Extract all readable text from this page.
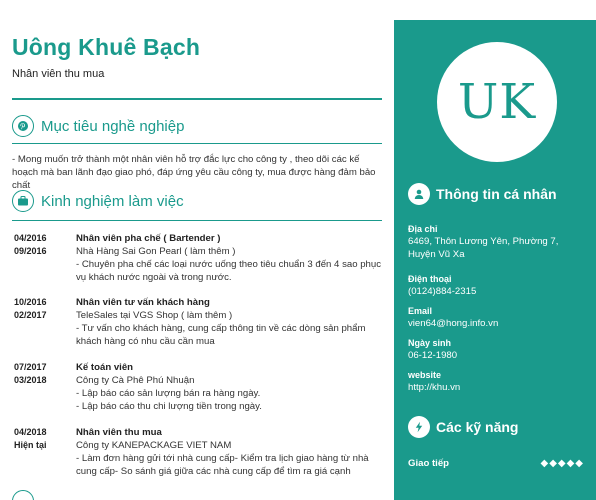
Uông Khuê Bạch
Nhân viên thu mua
Mục tiêu nghề nghiệp
- Mong muốn trở thành một nhân viên hỗ trợ đắc lực cho công ty , theo dõi các kế hoạch mà ban lãnh đạo giao phó, đáp ứng yêu cầu công ty, mua được hàng đảm bảo chất
Kinh nghiệm làm việc
04/2016
09/2016
Nhân viên pha chế ( Bartender )
Nhà Hàng Sai Gon Pearl ( làm thêm )
- Chuyên pha chế các loại nước uống theo tiêu chuẩn 3 đến 4 sao phục vụ khách nước ngoài và trong nước.
10/2016
02/2017
Nhân viên tư vấn khách hàng
TeleSales tại VGS Shop ( làm thêm )
- Tư vấn cho khách hàng, cung cấp thông tin về các dòng sản phẩm khách hàng có nhu cầu cần mua
07/2017
03/2018
Kế toán viên
Công ty Cà Phê Phú Nhuận
- Lập báo cáo sản lượng bán ra hàng ngày.
- Lập báo cáo thu chi lượng tiền trong ngày.
04/2018
Hiện tại
Nhân viên thu mua
Công ty KANEPACKAGE VIET NAM
- Làm đơn hàng gửi tới nhà cung cấp- Kiểm tra lịch giao hàng từ nhà cung cấp- So sánh giá giữa các nhà cung cấp để tìm ra giá cạnh
UK
Thông tin cá nhân
Địa chỉ
6469, Thôn Lương Yên, Phường 7, Huyện Vũ Xa
Điện thoại
(0124)884-2315
Email
vien64@hong.info.vn
Ngày sinh
06-12-1980
website
http://khu.vn
Các kỹ năng
Giao tiếp	◆◆◆◆◆
